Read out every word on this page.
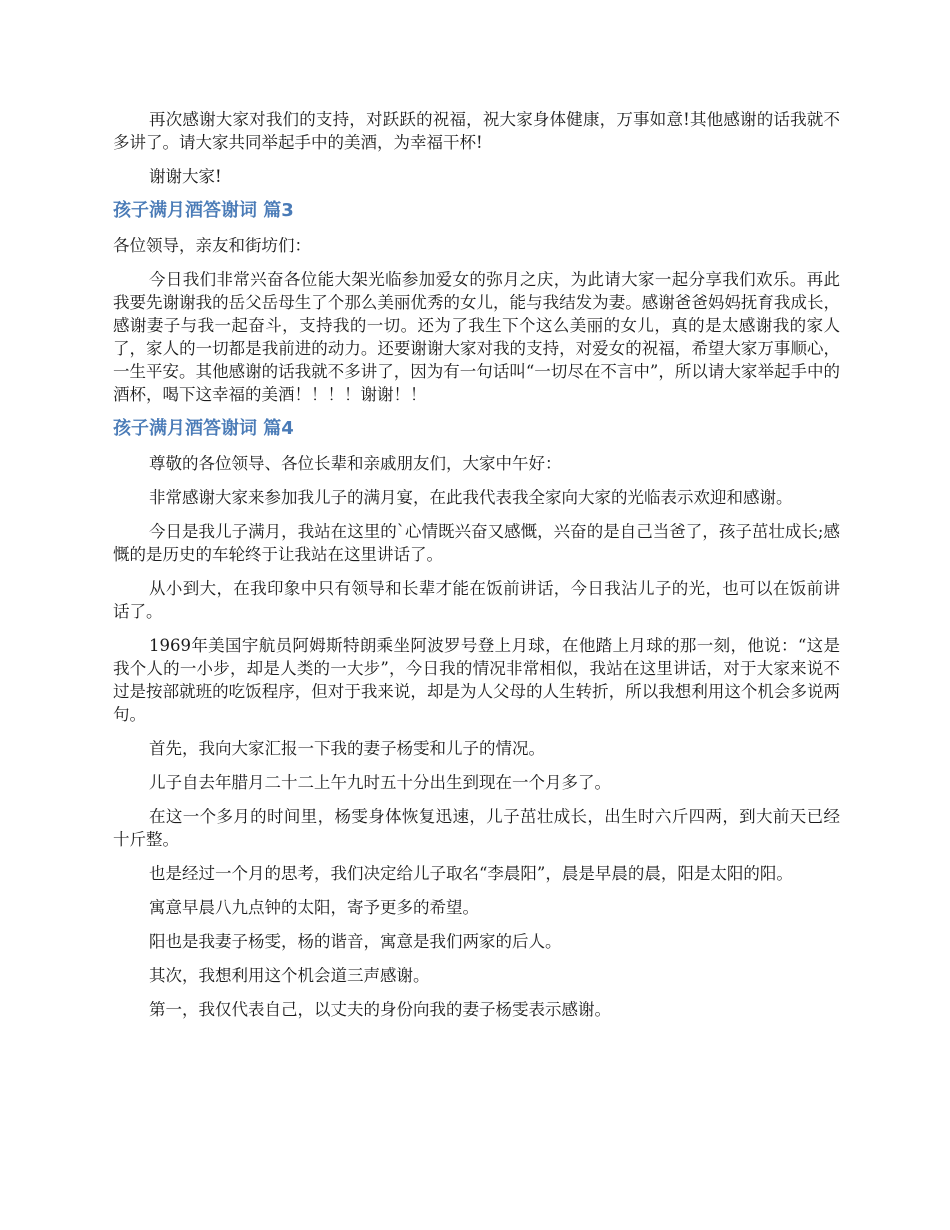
再次感谢大家对我们的支持，对跃跃的祝福，祝大家身体健康，万事如意!其他感谢的话我就不多讲了。请大家共同举起手中的美酒，为幸福干杯!

谢谢大家!

孩子满月酒答谢词 篇3

各位领导，亲友和街坊们：

今日我们非常兴奋各位能大架光临参加爱女的弥月之庆，为此请大家一起分享我们欢乐。再此我要先谢谢我的岳父岳母生了个那么美丽优秀的女儿，能与我结发为妻。感谢爸爸妈妈抚育我成长，感谢妻子与我一起奋斗，支持我的一切。还为了我生下个这么美丽的女儿，真的是太感谢我的家人了，家人的一切都是我前进的动力。还要谢谢大家对我的支持，对爱女的祝福，希望大家万事顺心，一生平安。其他感谢的话我就不多讲了，因为有一句话叫“一切尽在不言中”，所以请大家举起手中的酒杯，喝下这幸福的美酒！！！！谢谢！！

孩子满月酒答谢词 篇4

尊敬的各位领导、各位长辈和亲戚朋友们，大家中午好：

非常感谢大家来参加我儿子的满月宴，在此我代表我全家向大家的光临表示欢迎和感谢。

今日是我儿子满月，我站在这里的`心情既兴奋又感慨，兴奋的是自己当爸了，孩子茁壮成长;感慨的是历史的车轮终于让我站在这里讲话了。

从小到大，在我印象中只有领导和长辈才能在饭前讲话，今日我沾儿子的光，也可以在饭前讲话了。

1969年美国宇航员阿姆斯特朗乘坐阿波罗号登上月球，在他踏上月球的那一刻，他说：“这是我个人的一小步，却是人类的一大步”，今日我的情况非常相似，我站在这里讲话，对于大家来说不过是按部就班的吃饭程序，但对于我来说，却是为人父母的人生转折，所以我想利用这个机会多说两句。

首先，我向大家汇报一下我的妻子杨雯和儿子的情况。

儿子自去年腊月二十二上午九时五十分出生到现在一个月多了。

在这一个多月的时间里，杨雯身体恢复迅速，儿子茁壮成长，出生时六斤四两，到大前天已经十斤整。

也是经过一个月的思考，我们决定给儿子取名“李晨阳”，晨是早晨的晨，阳是太阳的阳。

寓意早晨八九点钟的太阳，寄予更多的希望。

阳也是我妻子杨雯，杨的谐音，寓意是我们两家的后人。

其次，我想利用这个机会道三声感谢。

第一，我仅代表自己，以丈夫的身份向我的妻子杨雯表示感谢。
